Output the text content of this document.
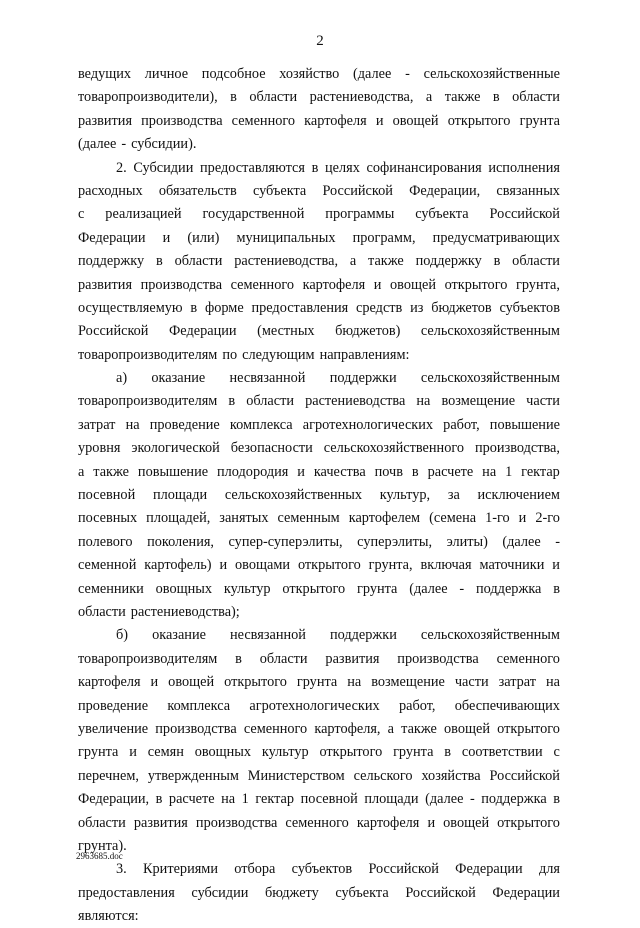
2
ведущих личное подсобное хозяйство (далее - сельскохозяйственные
товаропроизводители), в области растениеводства, а также в области
развития производства семенного картофеля и овощей открытого грунта
(далее - субсидии).
2. Субсидии предоставляются в целях софинансирования исполнения
расходных обязательств субъекта Российской Федерации, связанных
с реализацией государственной программы субъекта Российской
Федерации и (или) муниципальных программ, предусматривающих
поддержку в области растениеводства, а также поддержку в области
развития производства семенного картофеля и овощей открытого грунта,
осуществляемую в форме предоставления средств из бюджетов субъектов
Российской Федерации (местных бюджетов) сельскохозяйственным
товаропроизводителям по следующим направлениям:
а) оказание несвязанной поддержки сельскохозяйственным
товаропроизводителям в области растениеводства на возмещение части
затрат на проведение комплекса агротехнологических работ, повышение
уровня экологической безопасности сельскохозяйственного производства,
а также повышение плодородия и качества почв в расчете на 1 гектар
посевной площади сельскохозяйственных культур, за исключением
посевных площадей, занятых семенным картофелем (семена 1-го и 2-го
полевого поколения, супер-суперэлиты, суперэлиты, элиты) (далее -
семенной картофель) и овощами открытого грунта, включая маточники и
семенники овощных культур открытого грунта (далее - поддержка в
области растениеводства);
б) оказание несвязанной поддержки сельскохозяйственным
товаропроизводителям в области развития производства семенного
картофеля и овощей открытого грунта на возмещение части затрат на
проведение комплекса агротехнологических работ, обеспечивающих
увеличение производства семенного картофеля, а также овощей открытого
грунта и семян овощных культур открытого грунта в соответствии с
перечнем, утвержденным Министерством сельского хозяйства Российской
Федерации, в расчете на 1 гектар посевной площади (далее - поддержка в
области развития производства семенного картофеля и овощей открытого
грунта).
3. Критериями отбора субъектов Российской Федерации для
предоставления субсидии бюджету субъекта Российской Федерации
являются:
2963685.doc
